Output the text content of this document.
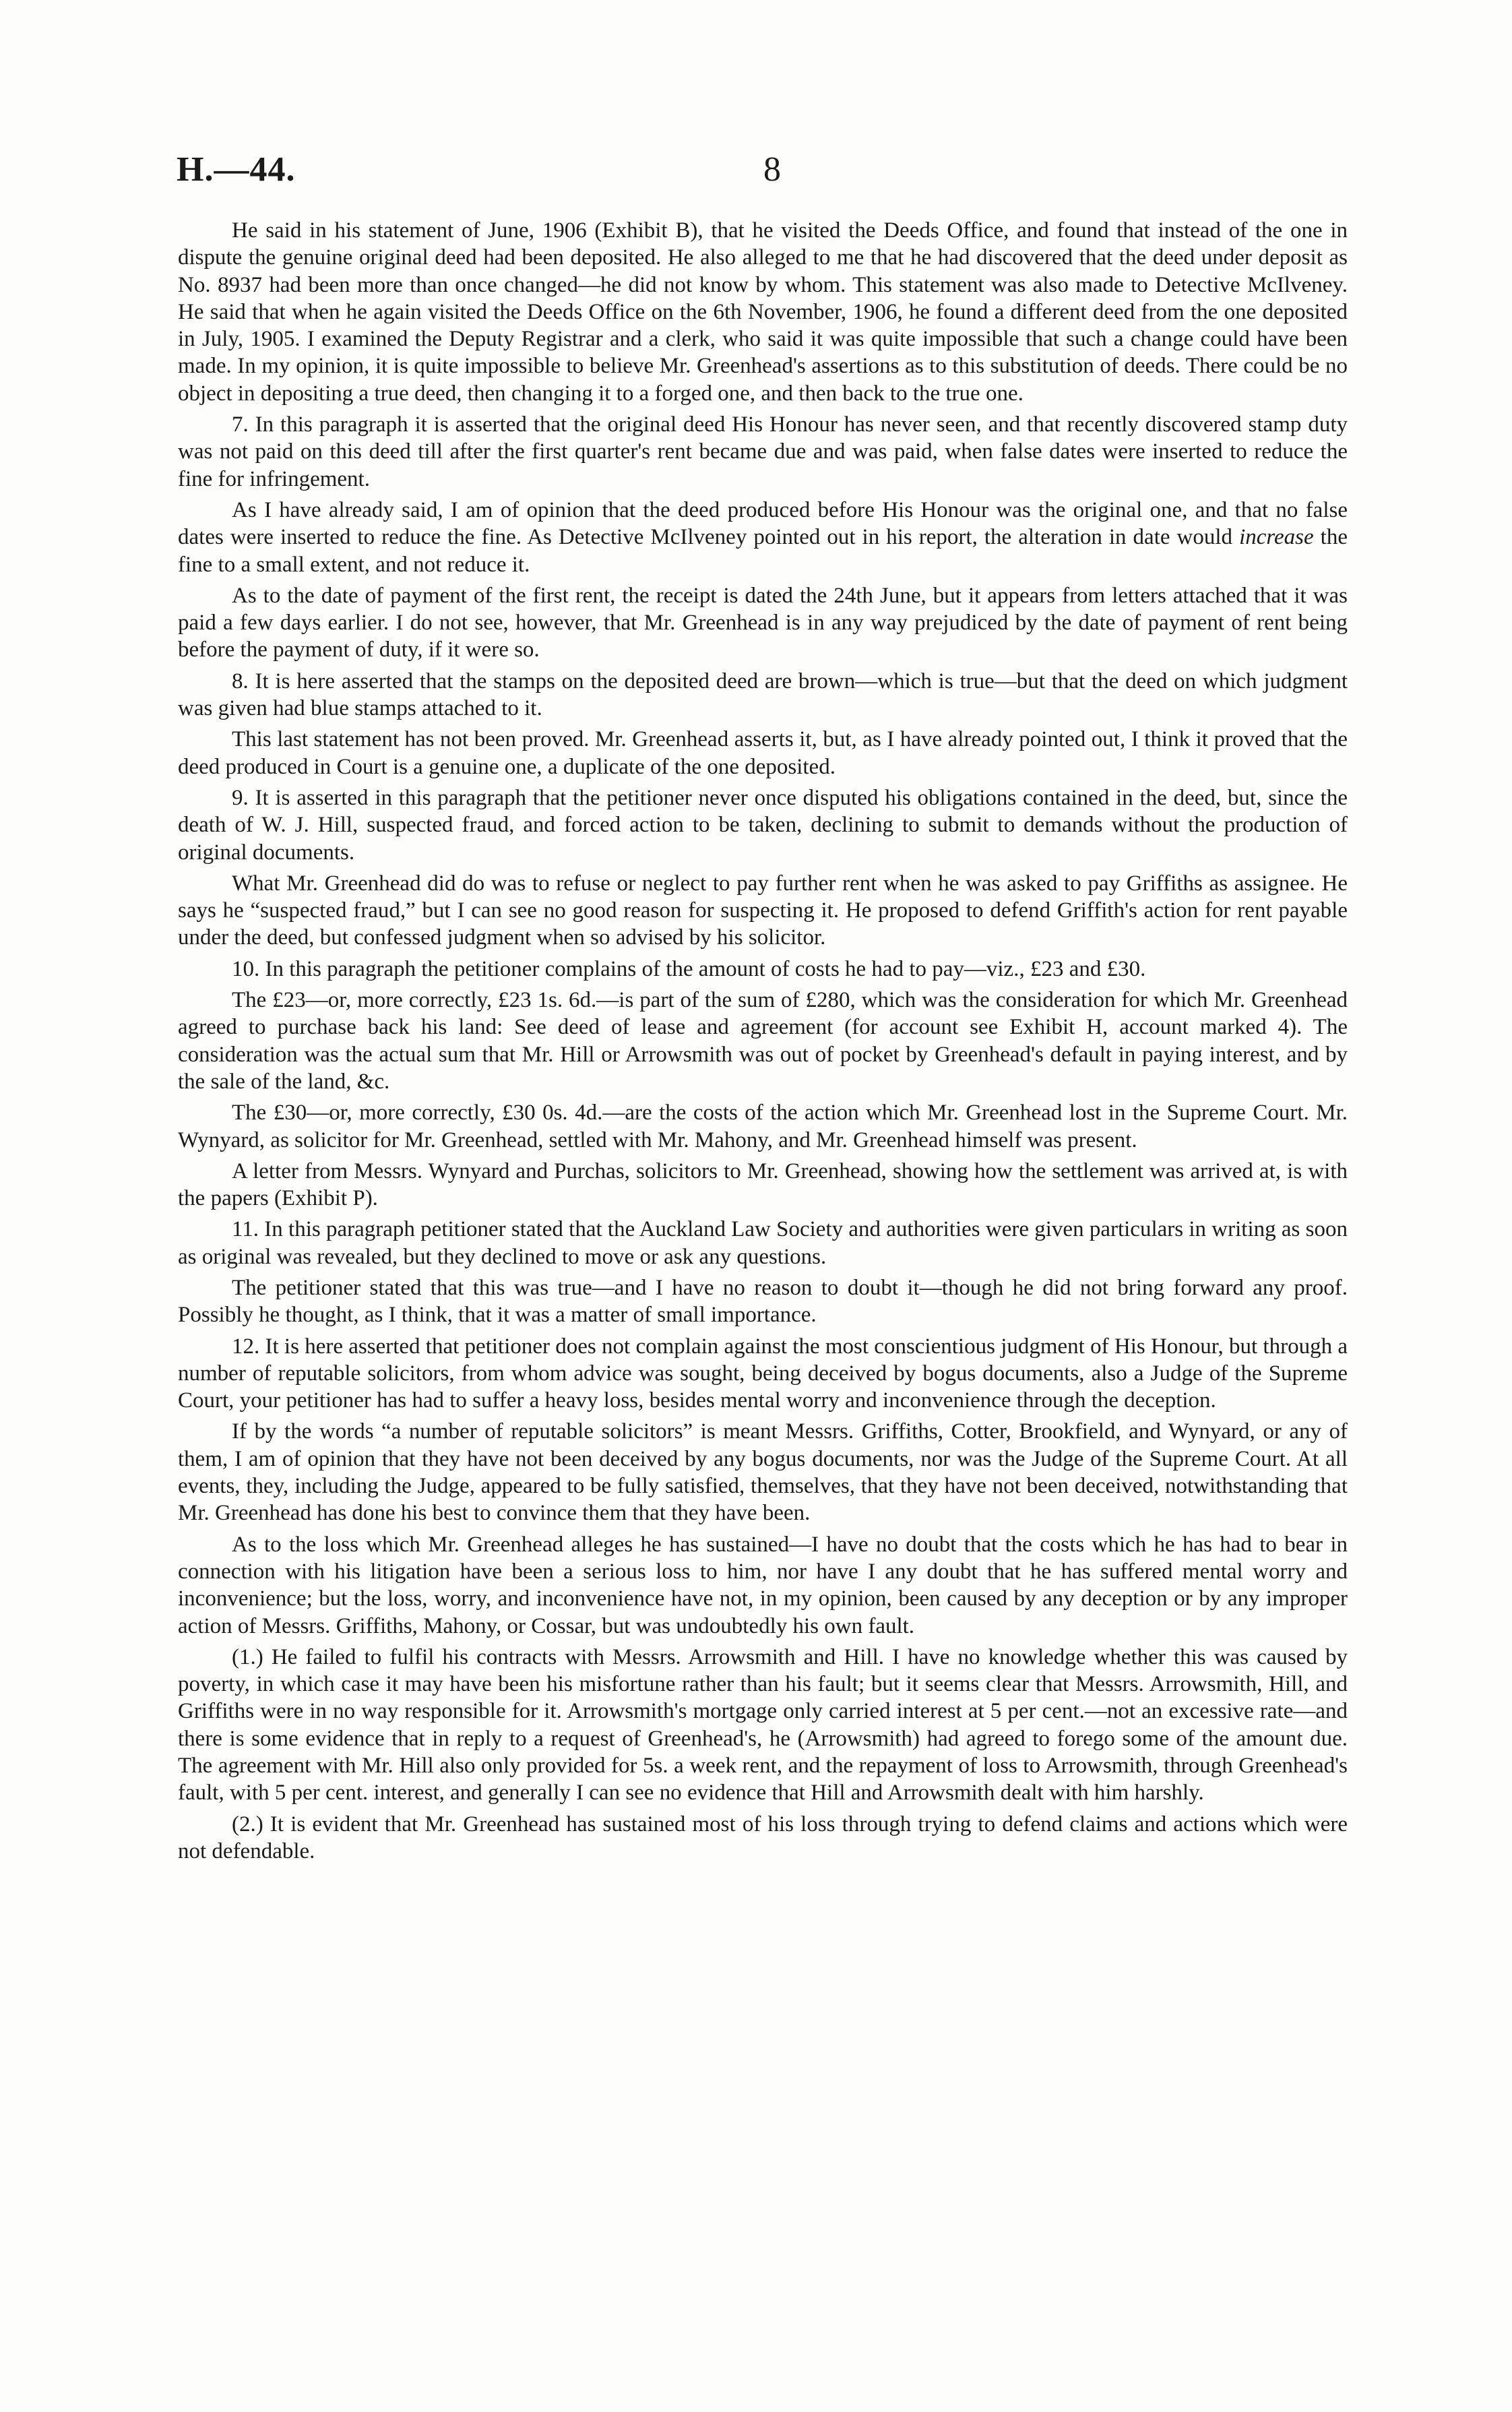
H.—44.	8

He said in his statement of June, 1906 (Exhibit B), that he visited the Deeds Office, and found that instead of the one in dispute the genuine original deed had been deposited. He also alleged to me that he had discovered that the deed under deposit as No. 8937 had been more than once changed—he did not know by whom. This statement was also made to Detective McIlveney. He said that when he again visited the Deeds Office on the 6th November, 1906, he found a different deed from the one deposited in July, 1905. I examined the Deputy Registrar and a clerk, who said it was quite impossible that such a change could have been made. In my opinion, it is quite impossible to believe Mr. Greenhead's assertions as to this substitution of deeds. There could be no object in depositing a true deed, then changing it to a forged one, and then back to the true one.

7. In this paragraph it is asserted that the original deed His Honour has never seen, and that recently discovered stamp duty was not paid on this deed till after the first quarter's rent became due and was paid, when false dates were inserted to reduce the fine for infringement.

As I have already said, I am of opinion that the deed produced before His Honour was the original one, and that no false dates were inserted to reduce the fine. As Detective McIlveney pointed out in his report, the alteration in date would increase the fine to a small extent, and not reduce it.

As to the date of payment of the first rent, the receipt is dated the 24th June, but it appears from letters attached that it was paid a few days earlier. I do not see, however, that Mr. Greenhead is in any way prejudiced by the date of payment of rent being before the payment of duty, if it were so.

8. It is here asserted that the stamps on the deposited deed are brown—which is true—but that the deed on which judgment was given had blue stamps attached to it.

This last statement has not been proved. Mr. Greenhead asserts it, but, as I have already pointed out, I think it proved that the deed produced in Court is a genuine one, a duplicate of the one deposited.

9. It is asserted in this paragraph that the petitioner never once disputed his obligations contained in the deed, but, since the death of W. J. Hill, suspected fraud, and forced action to be taken, declining to submit to demands without the production of original documents.

What Mr. Greenhead did do was to refuse or neglect to pay further rent when he was asked to pay Griffiths as assignee. He says he “suspected fraud,” but I can see no good reason for suspecting it. He proposed to defend Griffith's action for rent payable under the deed, but confessed judgment when so advised by his solicitor.

10. In this paragraph the petitioner complains of the amount of costs he had to pay—viz., £23 and £30.

The £23—or, more correctly, £23 1s. 6d.—is part of the sum of £280, which was the consideration for which Mr. Greenhead agreed to purchase back his land: See deed of lease and agreement (for account see Exhibit H, account marked 4). The consideration was the actual sum that Mr. Hill or Arrowsmith was out of pocket by Greenhead's default in paying interest, and by the sale of the land, &c.

The £30—or, more correctly, £30 0s. 4d.—are the costs of the action which Mr. Greenhead lost in the Supreme Court. Mr. Wynyard, as solicitor for Mr. Greenhead, settled with Mr. Mahony, and Mr. Greenhead himself was present.

A letter from Messrs. Wynyard and Purchas, solicitors to Mr. Greenhead, showing how the settlement was arrived at, is with the papers (Exhibit P).

11. In this paragraph petitioner stated that the Auckland Law Society and authorities were given particulars in writing as soon as original was revealed, but they declined to move or ask any questions.

The petitioner stated that this was true—and I have no reason to doubt it—though he did not bring forward any proof. Possibly he thought, as I think, that it was a matter of small importance.

12. It is here asserted that petitioner does not complain against the most conscientious judgment of His Honour, but through a number of reputable solicitors, from whom advice was sought, being deceived by bogus documents, also a Judge of the Supreme Court, your petitioner has had to suffer a heavy loss, besides mental worry and inconvenience through the deception.

If by the words “a number of reputable solicitors” is meant Messrs. Griffiths, Cotter, Brookfield, and Wynyard, or any of them, I am of opinion that they have not been deceived by any bogus documents, nor was the Judge of the Supreme Court. At all events, they, including the Judge, appeared to be fully satisfied, themselves, that they have not been deceived, notwithstanding that Mr. Greenhead has done his best to convince them that they have been.

As to the loss which Mr. Greenhead alleges he has sustained—I have no doubt that the costs which he has had to bear in connection with his litigation have been a serious loss to him, nor have I any doubt that he has suffered mental worry and inconvenience; but the loss, worry, and inconvenience have not, in my opinion, been caused by any deception or by any improper action of Messrs. Griffiths, Mahony, or Cossar, but was undoubtedly his own fault.

(1.) He failed to fulfil his contracts with Messrs. Arrowsmith and Hill. I have no knowledge whether this was caused by poverty, in which case it may have been his misfortune rather than his fault; but it seems clear that Messrs. Arrowsmith, Hill, and Griffiths were in no way responsible for it. Arrowsmith's mortgage only carried interest at 5 per cent.—not an excessive rate—and there is some evidence that in reply to a request of Greenhead's, he (Arrowsmith) had agreed to forego some of the amount due. The agreement with Mr. Hill also only provided for 5s. a week rent, and the repayment of loss to Arrowsmith, through Greenhead's fault, with 5 per cent. interest, and generally I can see no evidence that Hill and Arrowsmith dealt with him harshly.

(2.) It is evident that Mr. Greenhead has sustained most of his loss through trying to defend claims and actions which were not defendable.
